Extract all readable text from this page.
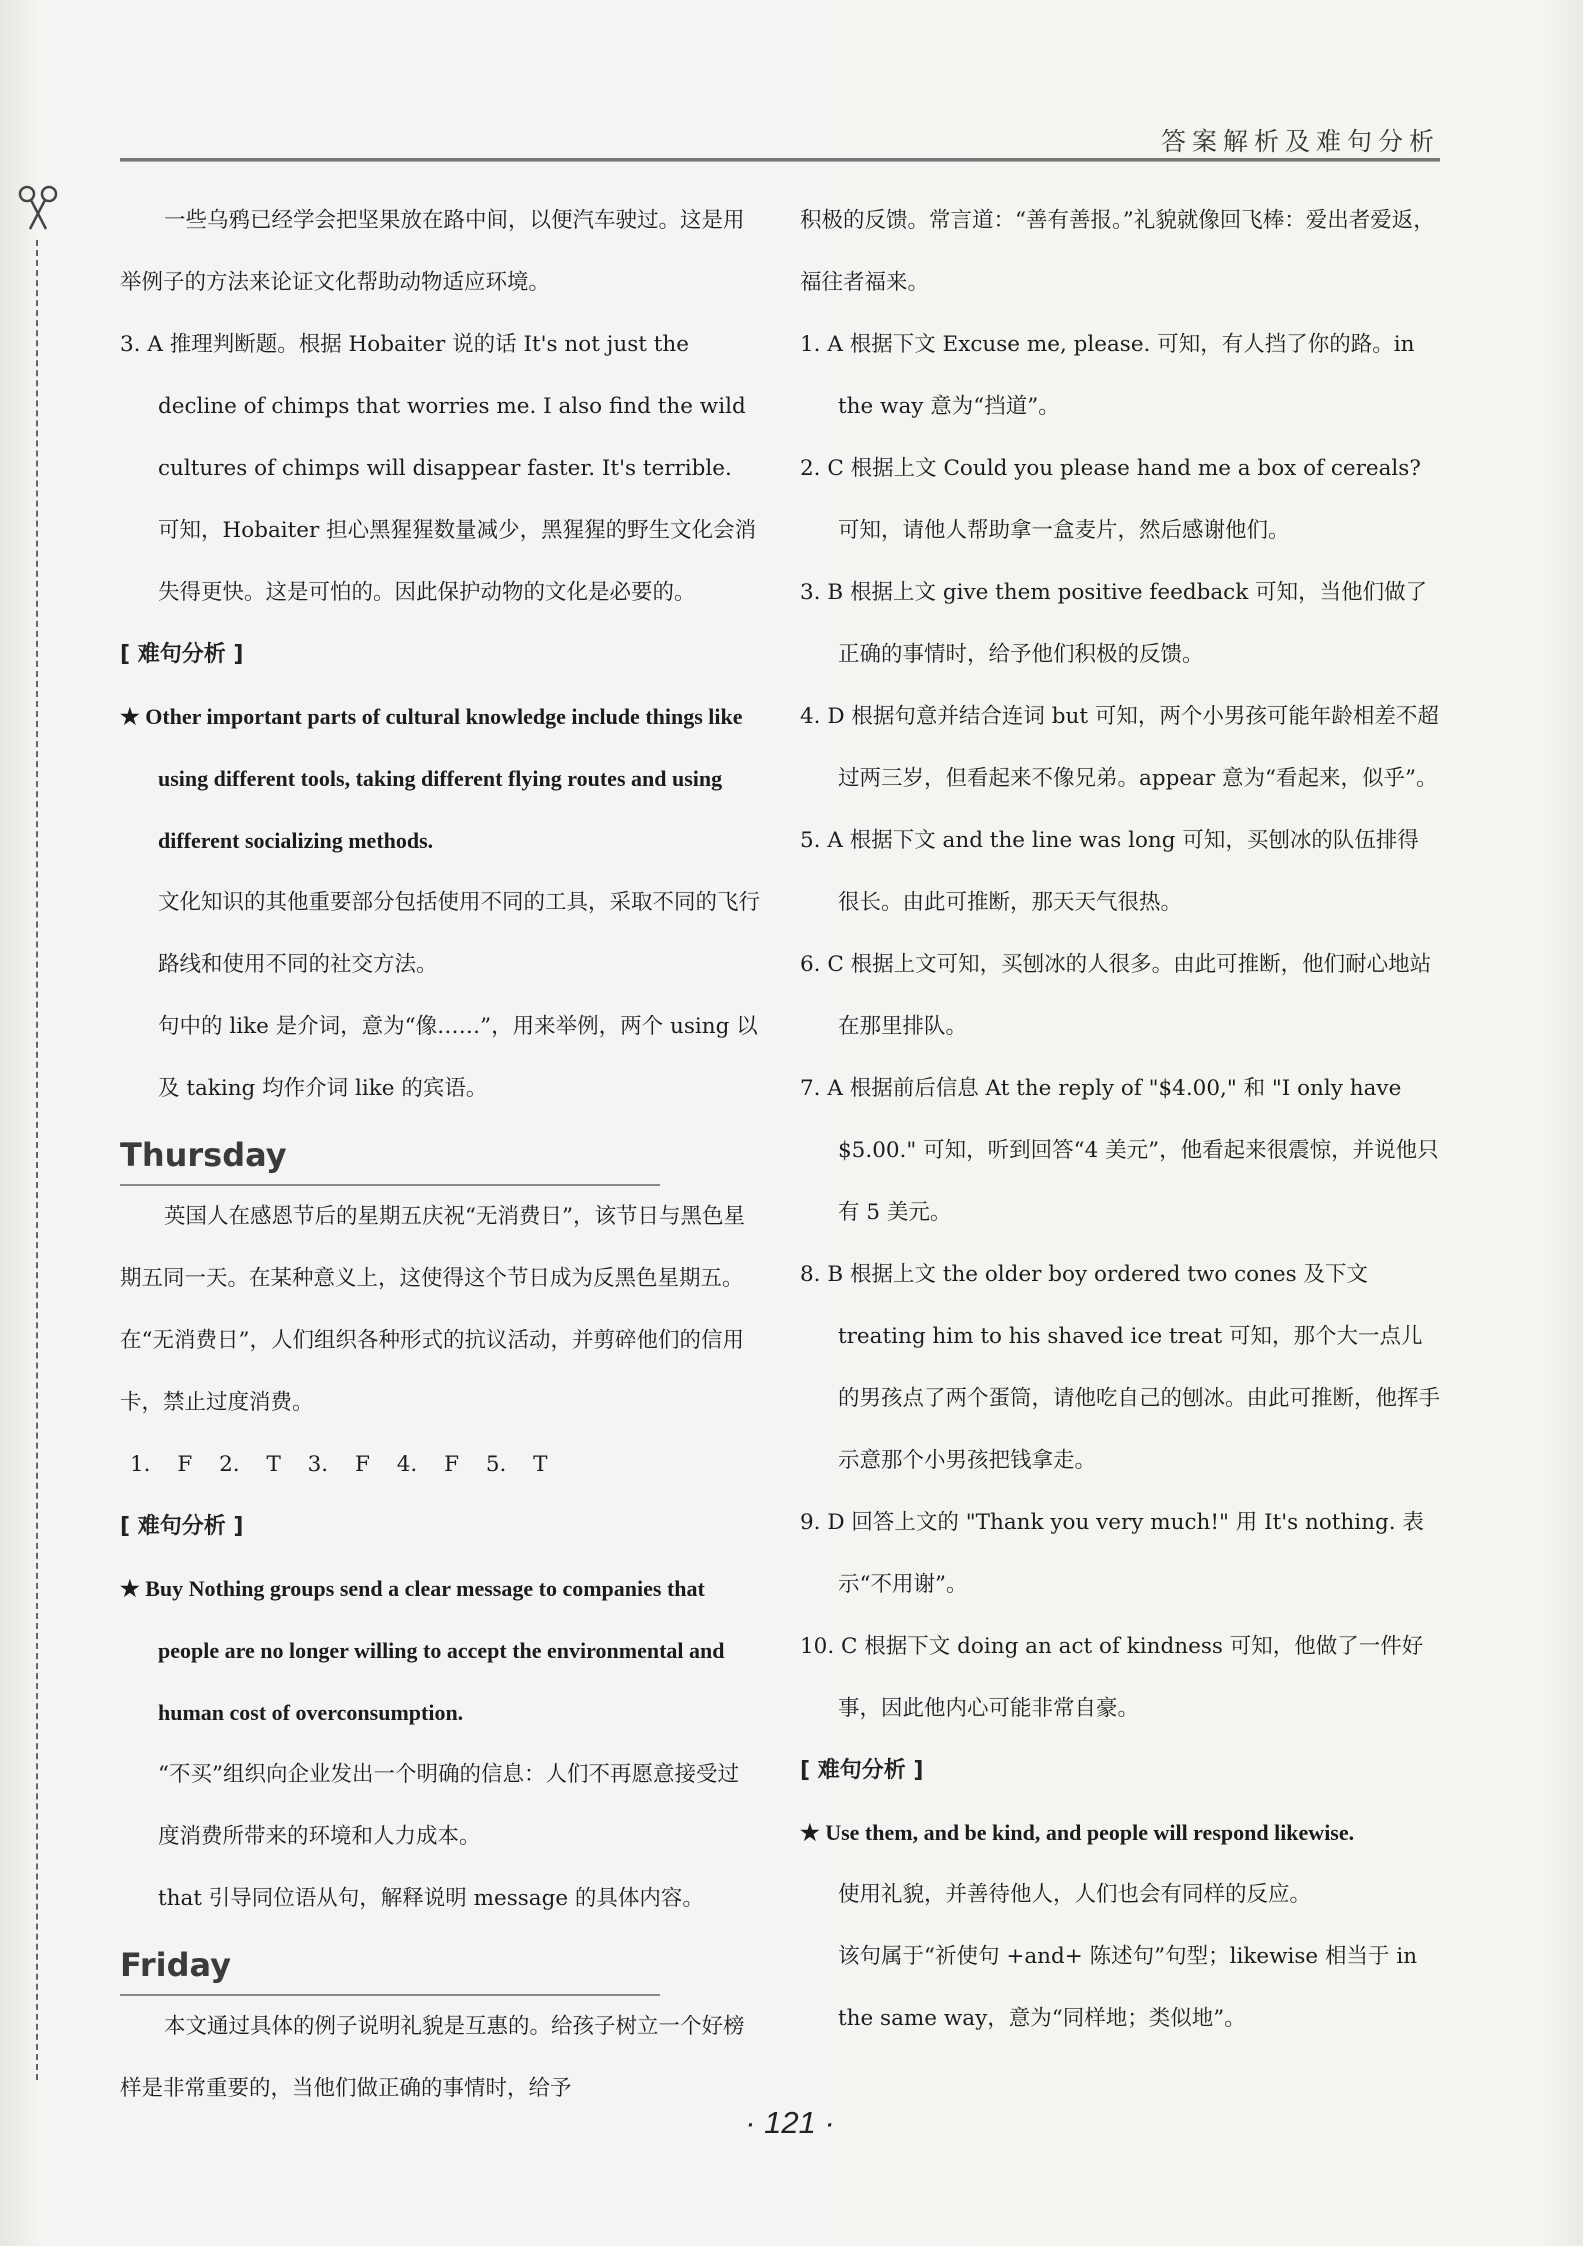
答案解析及难句分析

一些乌鸦已经学会把坚果放在路中间，以便汽车驶过。这是用举例子的方法来论证文化帮助动物适应环境。

3. A 推理判断题。根据 Hobaiter 说的话 It's not just the decline of chimps that worries me. I also find the wild cultures of chimps will disappear faster. It's terrible. 可知，Hobaiter 担心黑猩猩数量减少，黑猩猩的野生文化会消失得更快。这是可怕的。因此保护动物的文化是必要的。

[ 难句分析 ]

★ Other important parts of cultural knowledge include things like using different tools, taking different flying routes and using different socializing methods.

文化知识的其他重要部分包括使用不同的工具，采取不同的飞行路线和使用不同的社交方法。

句中的 like 是介词，意为“像……”，用来举例，两个 using 以及 taking 均作介词 like 的宾语。

Thursday

英国人在感恩节后的星期五庆祝“无消费日”，该节日与黑色星期五同一天。在某种意义上，这使得这个节日成为反黑色星期五。在“无消费日”，人们组织各种形式的抗议活动，并剪碎他们的信用卡，禁止过度消费。

1. F 2. T 3. F 4. F 5. T

[ 难句分析 ]

★ Buy Nothing groups send a clear message to companies that people are no longer willing to accept the environmental and human cost of overconsumption.

“不买”组织向企业发出一个明确的信息：人们不再愿意接受过度消费所带来的环境和人力成本。

that 引导同位语从句，解释说明 message 的具体内容。

Friday

本文通过具体的例子说明礼貌是互惠的。给孩子树立一个好榜样是非常重要的，当他们做正确的事情时，给予

积极的反馈。常言道：“善有善报。”礼貌就像回飞棒：爱出者爱返，福往者福来。

1. A 根据下文 Excuse me, please. 可知，有人挡了你的路。in the way 意为“挡道”。

2. C 根据上文 Could you please hand me a box of cereals? 可知，请他人帮助拿一盒麦片，然后感谢他们。

3. B 根据上文 give them positive feedback 可知，当他们做了正确的事情时，给予他们积极的反馈。

4. D 根据句意并结合连词 but 可知，两个小男孩可能年龄相差不超过两三岁，但看起来不像兄弟。appear 意为“看起来，似乎”。

5. A 根据下文 and the line was long 可知，买刨冰的队伍排得很长。由此可推断，那天天气很热。

6. C 根据上文可知，买刨冰的人很多。由此可推断，他们耐心地站在那里排队。

7. A 根据前后信息 At the reply of "$4.00," 和 "I only have $5.00." 可知，听到回答“4 美元”，他看起来很震惊，并说他只有 5 美元。

8. B 根据上文 the older boy ordered two cones 及下文 treating him to his shaved ice treat 可知，那个大一点儿的男孩点了两个蛋筒，请他吃自己的刨冰。由此可推断，他挥手示意那个小男孩把钱拿走。

9. D 回答上文的 "Thank you very much!" 用 It's nothing. 表示“不用谢”。

10. C 根据下文 doing an act of kindness 可知，他做了一件好事，因此他内心可能非常自豪。

[ 难句分析 ]

★ Use them, and be kind, and people will respond likewise.

使用礼貌，并善待他人，人们也会有同样的反应。

该句属于“祈使句 +and+ 陈述句”句型；likewise 相当于 in the same way，意为“同样地；类似地”。

· 121 ·
